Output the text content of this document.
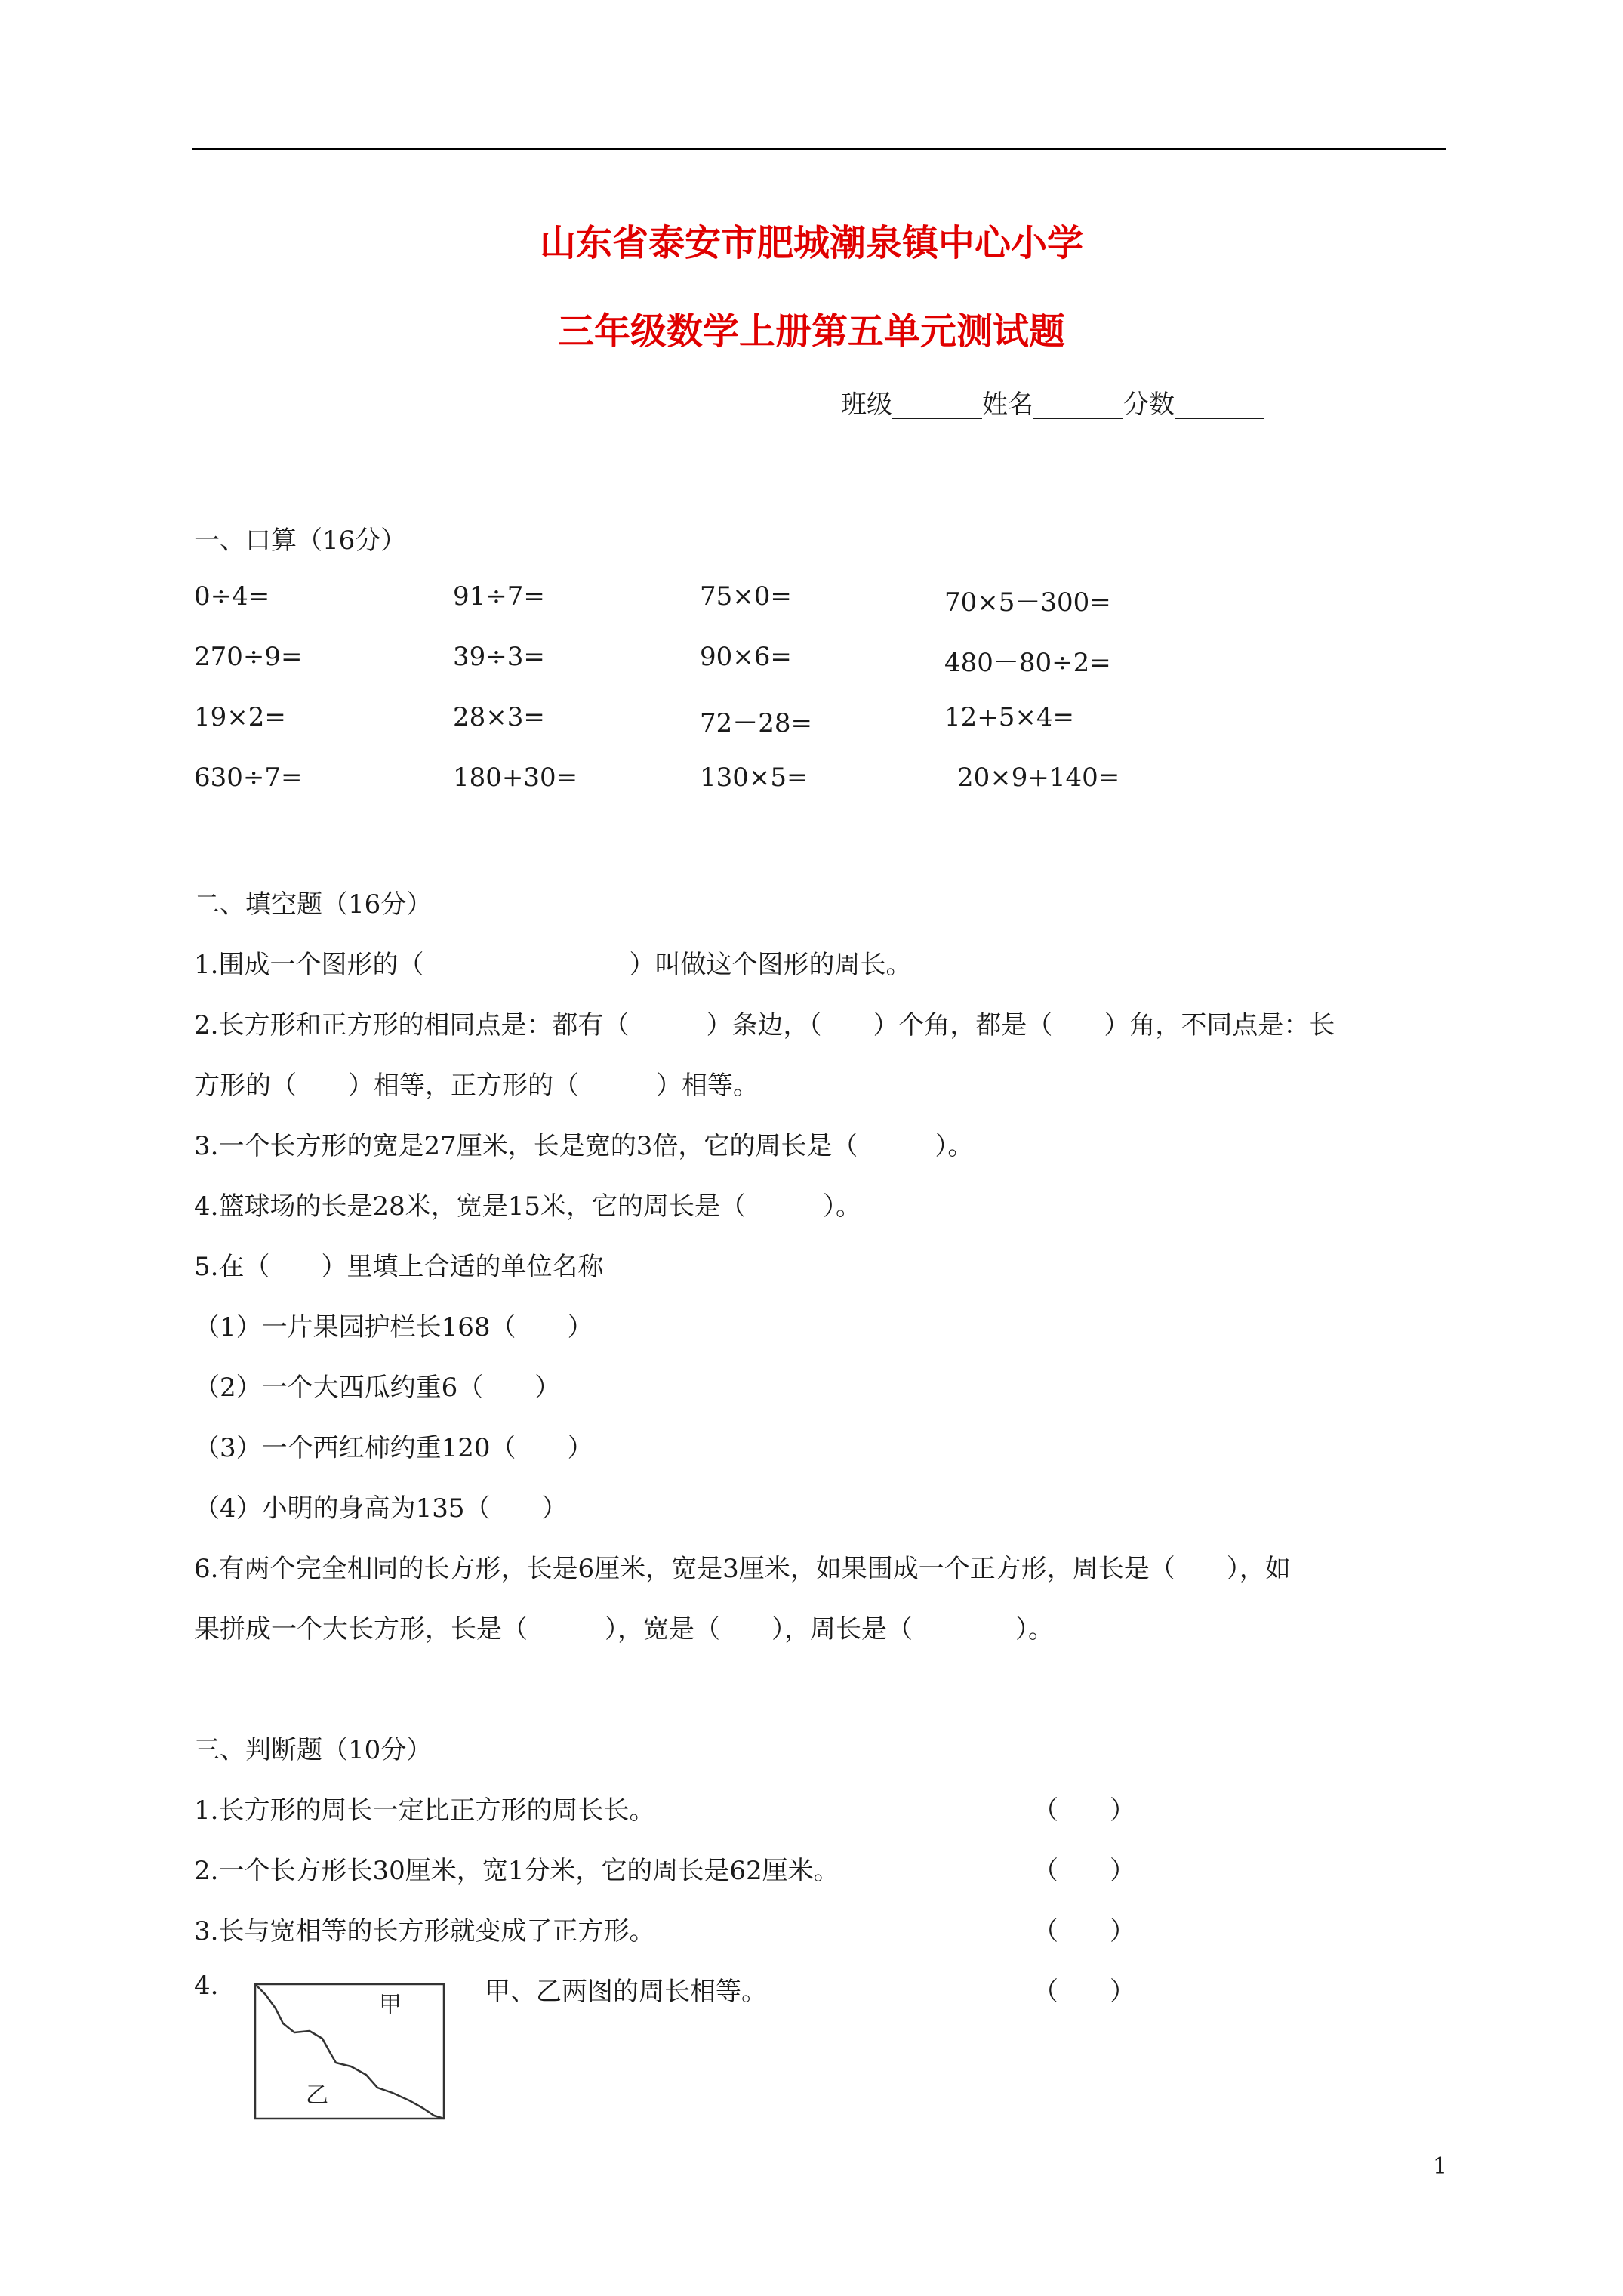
山东省泰安市肥城潮泉镇中心小学
三年级数学上册第五单元测试题
班级_______姓名_______分数_______
一、口算（16分）
0÷4=	91÷7=	75×0=	70×5－300=
270÷9=	39÷3=	90×6=	480－80÷2=
19×2=	28×3=	72－28=	12+5×4=
630÷7=	180+30=	130×5=	20×9+140=
二、填空题（16分）
1.围成一个图形的（　　　　　　　　）叫做这个图形的周长。
2.长方形和正方形的相同点是：都有（　　　）条边，（　　）个角，都是（　　）角，不同点是：长
方形的（　　）相等，正方形的（　　　）相等。
3.一个长方形的宽是27厘米，长是宽的3倍，它的周长是（　　　）。
4.篮球场的长是28米，宽是15米，它的周长是（　　　）。
5.在（　　）里填上合适的单位名称
（1）一片果园护栏长168（　　）
（2）一个大西瓜约重6（　　）
（3）一个西红柿约重120（　　）
（4）小明的身高为135（　　）
6.有两个完全相同的长方形，长是6厘米，宽是3厘米，如果围成一个正方形，周长是（　　），如
果拼成一个大长方形，长是（　　　），宽是（　　），周长是（　　　　）。
三、判断题（10分）
1.长方形的周长一定比正方形的周长长。	（　　）
2.一个长方形长30厘米，宽1分米，它的周长是62厘米。	（　　）
3.长与宽相等的长方形就变成了正方形。	（　　）
4.	甲、乙两图的周长相等。	（　　）
甲
乙
1
